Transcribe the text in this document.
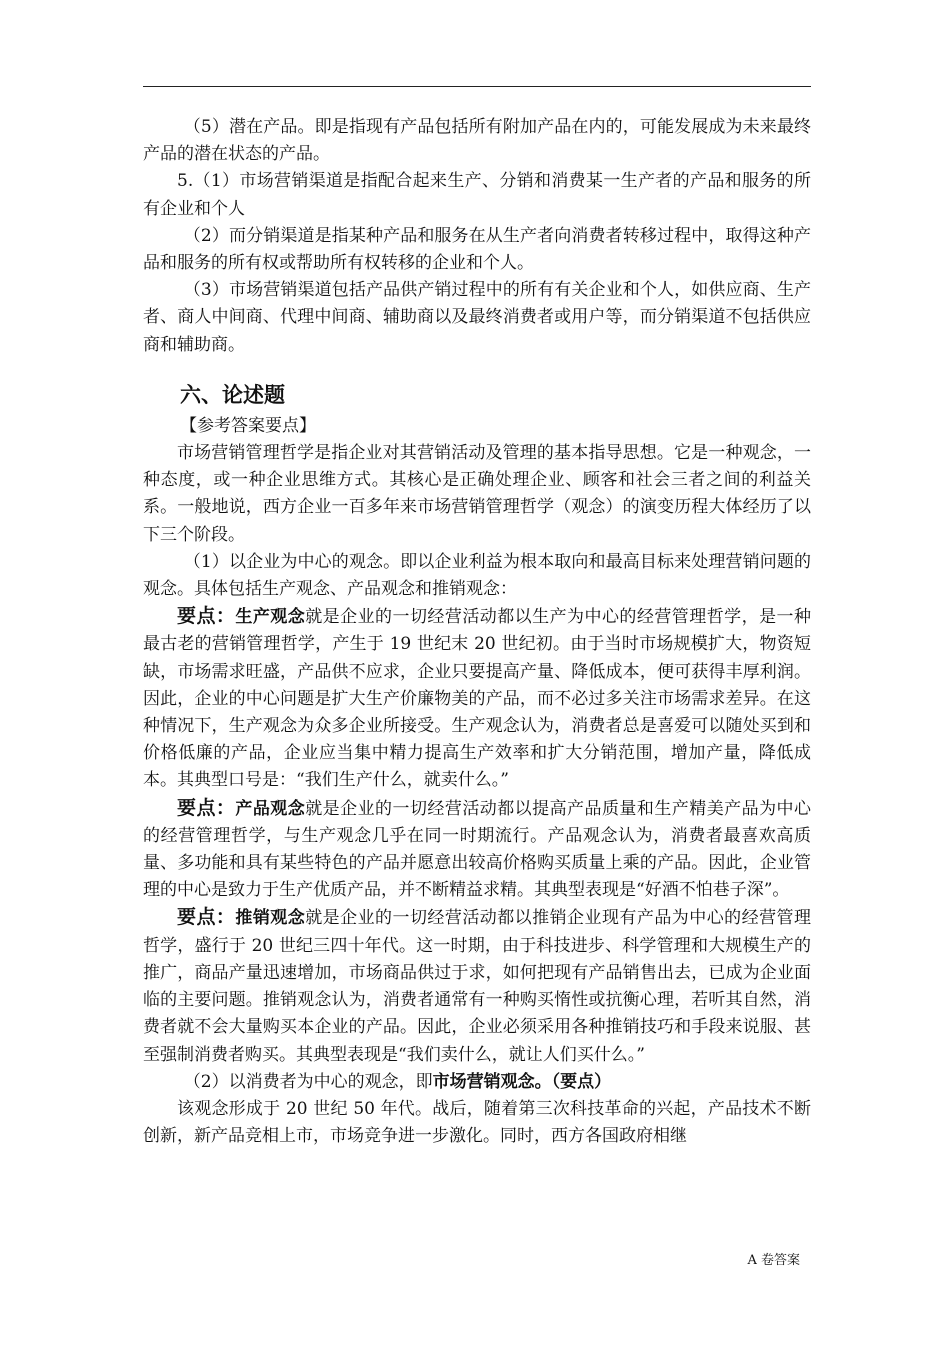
（5）潜在产品。即是指现有产品包括所有附加产品在内的，可能发展成为未来最终产品的潜在状态的产品。

5.（1）市场营销渠道是指配合起来生产、分销和消费某一生产者的产品和服务的所有企业和个人

（2）而分销渠道是指某种产品和服务在从生产者向消费者转移过程中，取得这种产品和服务的所有权或帮助所有权转移的企业和个人。

（3）市场营销渠道包括产品供产销过程中的所有有关企业和个人，如供应商、生产者、商人中间商、代理中间商、辅助商以及最终消费者或用户等，而分销渠道不包括供应商和辅助商。

六、论述题

【参考答案要点】

市场营销管理哲学是指企业对其营销活动及管理的基本指导思想。它是一种观念，一种态度，或一种企业思维方式。其核心是正确处理企业、顾客和社会三者之间的利益关系。一般地说，西方企业一百多年来市场营销管理哲学（观念）的演变历程大体经历了以下三个阶段。

（1）以企业为中心的观念。即以企业利益为根本取向和最高目标来处理营销问题的观念。具体包括生产观念、产品观念和推销观念：

要点：生产观念就是企业的一切经营活动都以生产为中心的经营管理哲学，是一种最古老的营销管理哲学，产生于 19 世纪末 20 世纪初。由于当时市场规模扩大，物资短缺，市场需求旺盛，产品供不应求，企业只要提高产量、降低成本，便可获得丰厚利润。因此，企业的中心问题是扩大生产价廉物美的产品，而不必过多关注市场需求差异。在这种情况下，生产观念为众多企业所接受。生产观念认为，消费者总是喜爱可以随处买到和价格低廉的产品，企业应当集中精力提高生产效率和扩大分销范围，增加产量，降低成本。其典型口号是：“我们生产什么，就卖什么。”

要点：产品观念就是企业的一切经营活动都以提高产品质量和生产精美产品为中心的经营管理哲学，与生产观念几乎在同一时期流行。产品观念认为，消费者最喜欢高质量、多功能和具有某些特色的产品并愿意出较高价格购买质量上乘的产品。因此，企业管理的中心是致力于生产优质产品，并不断精益求精。其典型表现是“好酒不怕巷子深”。

要点：推销观念就是企业的一切经营活动都以推销企业现有产品为中心的经营管理哲学，盛行于 20 世纪三四十年代。这一时期，由于科技进步、科学管理和大规模生产的推广，商品产量迅速增加，市场商品供过于求，如何把现有产品销售出去，已成为企业面临的主要问题。推销观念认为，消费者通常有一种购买惰性或抗衡心理，若听其自然，消费者就不会大量购买本企业的产品。因此，企业必须采用各种推销技巧和手段来说服、甚至强制消费者购买。其典型表现是“我们卖什么，就让人们买什么。”

（2）以消费者为中心的观念，即市场营销观念。（要点）

该观念形成于 20 世纪 50 年代。战后，随着第三次科技革命的兴起，产品技术不断创新，新产品竞相上市，市场竞争进一步激化。同时，西方各国政府相继

A 卷答案
